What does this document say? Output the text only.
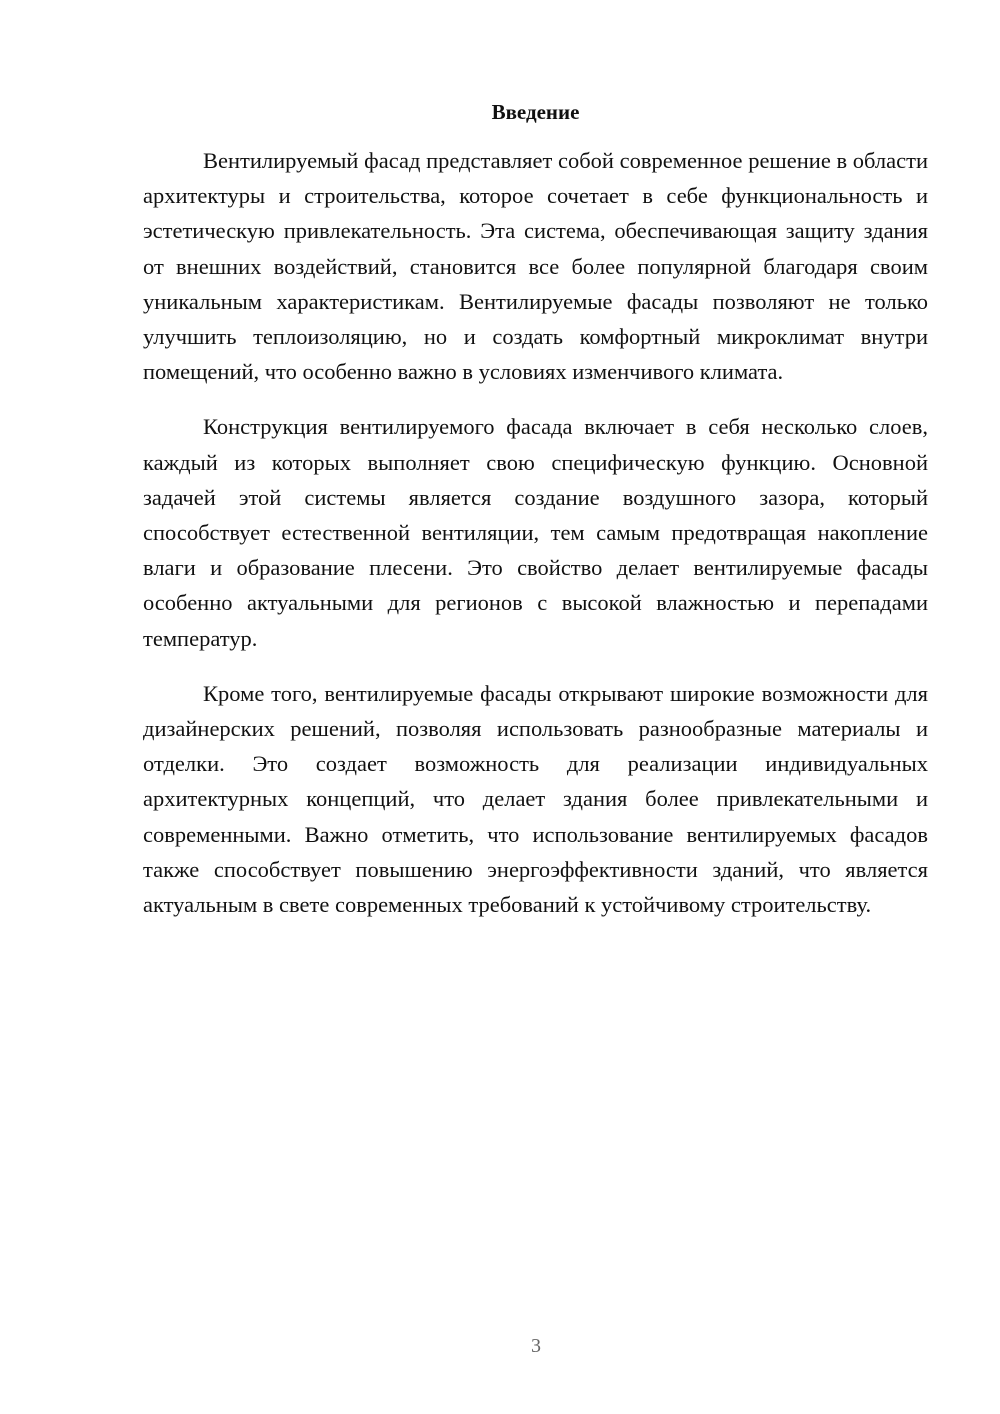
Введение

Вентилируемый фасад представляет собой современное решение в области архитектуры и строительства, которое сочетает в себе функциональность и эстетическую привлекательность. Эта система, обеспечивающая защиту здания от внешних воздействий, становится все более популярной благодаря своим уникальным характеристикам. Вентилируемые фасады позволяют не только улучшить теплоизоляцию, но и создать комфортный микроклимат внутри помещений, что особенно важно в условиях изменчивого климата.

Конструкция вентилируемого фасада включает в себя несколько слоев, каждый из которых выполняет свою специфическую функцию. Основной задачей этой системы является создание воздушного зазора, который способствует естественной вентиляции, тем самым предотвращая накопление влаги и образование плесени. Это свойство делает вентилируемые фасады особенно актуальными для регионов с высокой влажностью и перепадами температур.

Кроме того, вентилируемые фасады открывают широкие возможности для дизайнерских решений, позволяя использовать разнообразные материалы и отделки. Это создает возможность для реализации индивидуальных архитектурных концепций, что делает здания более привлекательными и современными. Важно отметить, что использование вентилируемых фасадов также способствует повышению энергоэффективности зданий, что является актуальным в свете современных требований к устойчивому строительству.

3
